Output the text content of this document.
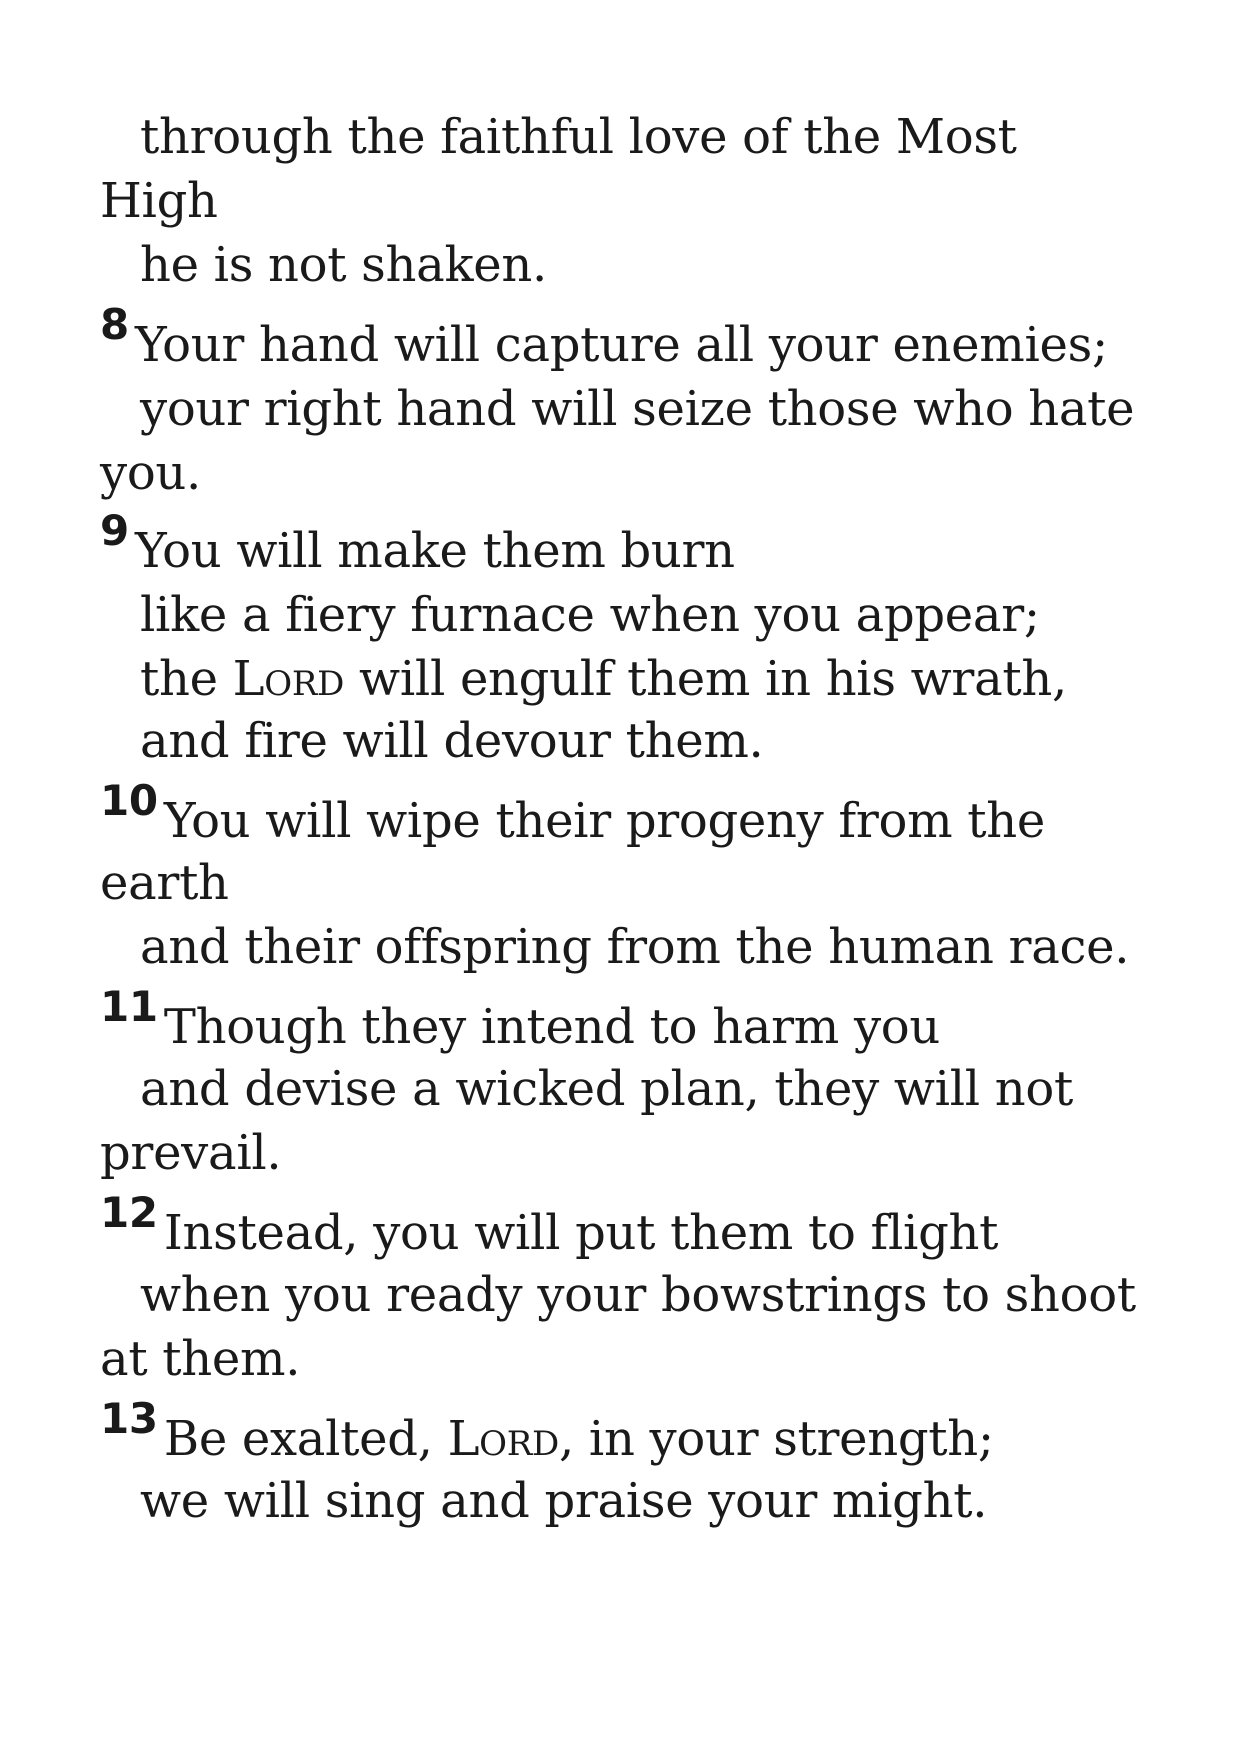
through the faithful love of the Most
High
he is not shaken.
8 Your hand will capture all your enemies;
your right hand will seize those who hate
you.
9 You will make them burn
like a fiery furnace when you appear;
the Lord will engulf them in his wrath,
and fire will devour them.
10 You will wipe their progeny from the
earth
and their offspring from the human race.
11 Though they intend to harm you
and devise a wicked plan, they will not
prevail.
12 Instead, you will put them to flight
when you ready your bowstrings to shoot
at them.
13 Be exalted, Lord, in your strength;
we will sing and praise your might.
